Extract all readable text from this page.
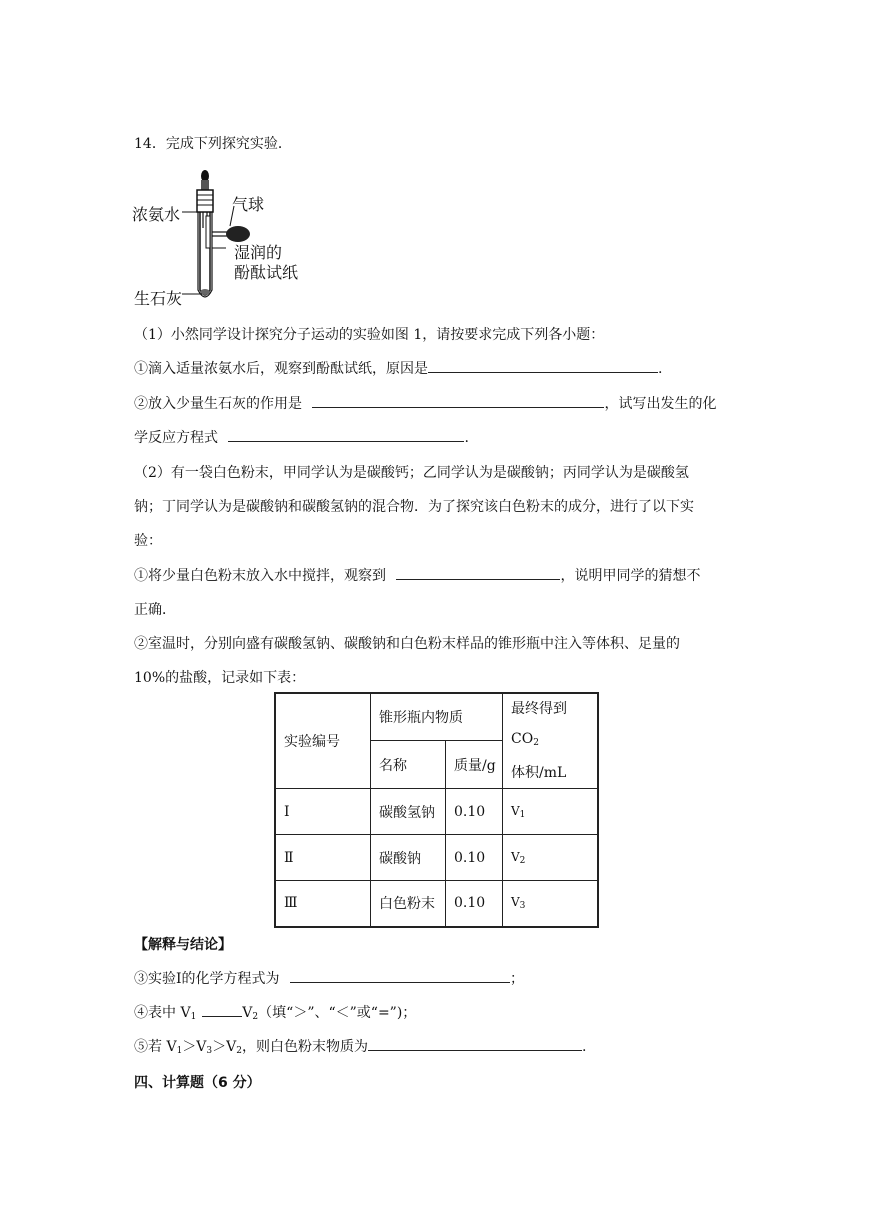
14．完成下列探究实验．
浓氨水
气球
湿润的
酚酞试纸
生石灰
（1）小然同学设计探究分子运动的实验如图 1，请按要求完成下列各小题：
①滴入适量浓氨水后，观察到酚酞试纸，原因是	.
②放入少量生石灰的作用是	，试写出发生的化
学反应方程式	.
（2）有一袋白色粉末，甲同学认为是碳酸钙；乙同学认为是碳酸钠；丙同学认为是碳酸氢
钠；丁同学认为是碳酸钠和碳酸氢钠的混合物．为了探究该白色粉末的成分，进行了以下实
验：
①将少量白色粉末放入水中搅拌，观察到	，说明甲同学的猜想不
正确．
②室温时，分别向盛有碳酸氢钠、碳酸钠和白色粉末样品的锥形瓶中注入等体积、足量的
10%的盐酸，记录如下表：
实验编号	锥形瓶内物质		最终得到 $CO_2$
体积/mL
	名称	质量/g	
Ⅰ	碳酸氢钠	0.10	$V_1$
Ⅱ	碳酸钠	0.10	$V_2$
Ⅲ	白色粉末	0.10	$V_3$
【解释与结论】
③实验Ⅰ的化学方程式为	；
④表中 $V_1$	$V_2$（填“＞”、“＜”或“=”)；
⑤若 $V_1>V_3>V_2$，则白色粉末物质为	.
四、计算题（6 分）
